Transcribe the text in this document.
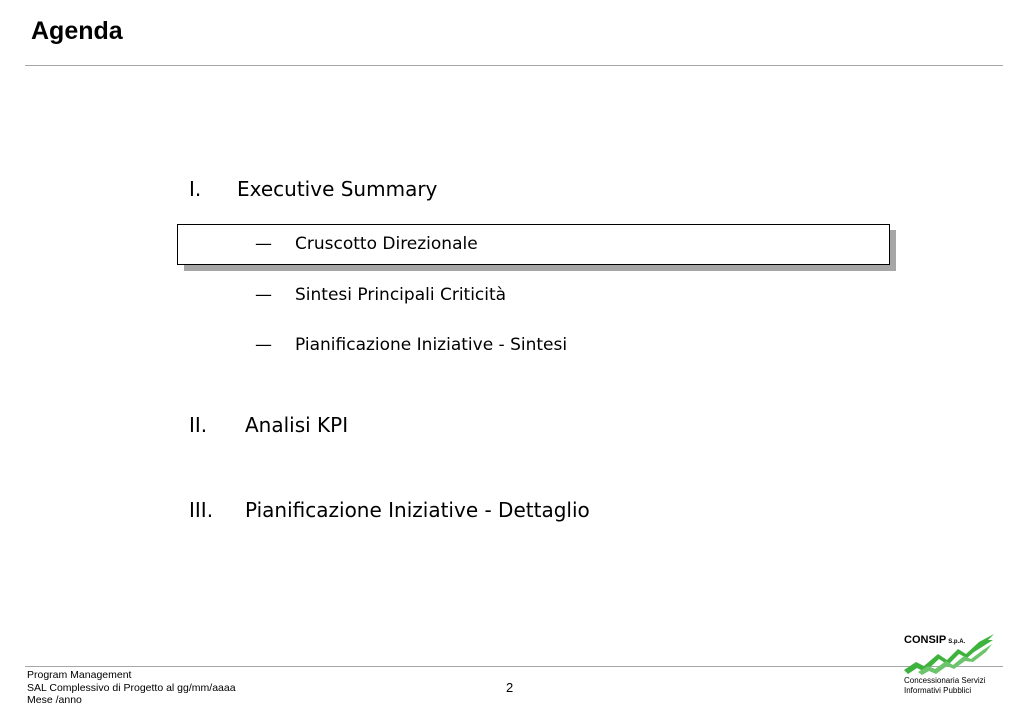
Agenda
I. Executive Summary
— Cruscotto Direzionale
— Sintesi Principali Criticità
— Pianificazione Iniziative - Sintesi
II. Analisi KPI
III. Pianificazione Iniziative - Dettaglio
Program Management
SAL Complessivo di Progetto al gg/mm/aaaa
Mese /anno
2
CONSIP S.p.A.
Concessionaria Servizi
Informativi Pubblici
